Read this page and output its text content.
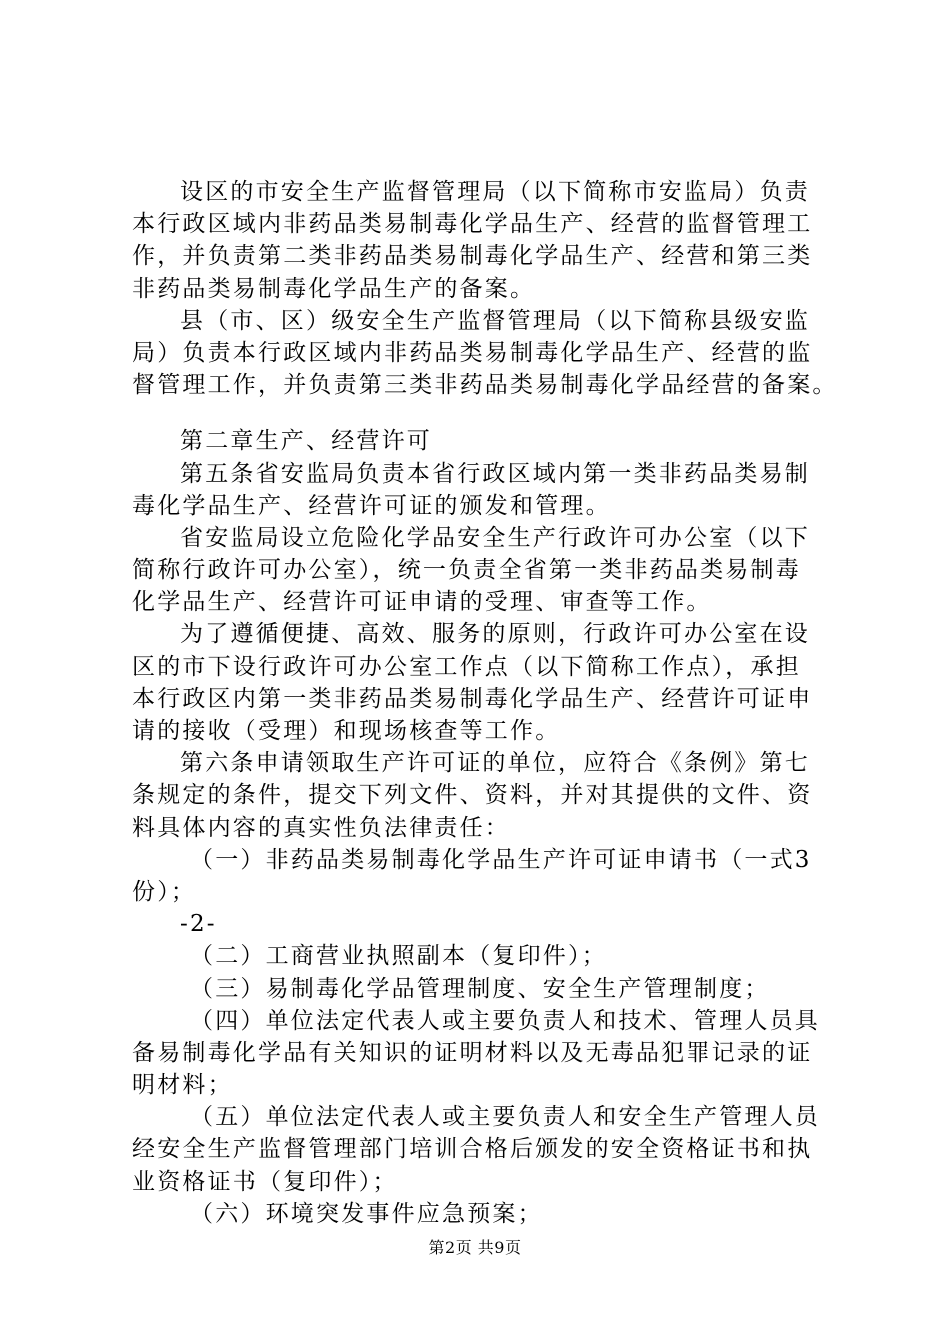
设区的市安全生产监督管理局（以下简称市安监局）负责
本行政区域内非药品类易制毒化学品生产、经营的监督管理工
作，并负责第二类非药品类易制毒化学品生产、经营和第三类
非药品类易制毒化学品生产的备案。
县（市、区）级安全生产监督管理局（以下简称县级安监
局）负责本行政区域内非药品类易制毒化学品生产、经营的监
督管理工作，并负责第三类非药品类易制毒化学品经营的备案。
第二章生产、经营许可
第五条省安监局负责本省行政区域内第一类非药品类易制
毒化学品生产、经营许可证的颁发和管理。
省安监局设立危险化学品安全生产行政许可办公室（以下
简称行政许可办公室），统一负责全省第一类非药品类易制毒
化学品生产、经营许可证申请的受理、审查等工作。
为了遵循便捷、高效、服务的原则，行政许可办公室在设
区的市下设行政许可办公室工作点（以下简称工作点），承担
本行政区内第一类非药品类易制毒化学品生产、经营许可证申
请的接收（受理）和现场核查等工作。
第六条申请领取生产许可证的单位，应符合《条例》第七
条规定的条件，提交下列文件、资料，并对其提供的文件、资
料具体内容的真实性负法律责任：
（一）非药品类易制毒化学品生产许可证申请书（一式3
份）；
-2-
（二）工商营业执照副本（复印件）；
（三）易制毒化学品管理制度、安全生产管理制度；
（四）单位法定代表人或主要负责人和技术、管理人员具
备易制毒化学品有关知识的证明材料以及无毒品犯罪记录的证
明材料；
（五）单位法定代表人或主要负责人和安全生产管理人员
经安全生产监督管理部门培训合格后颁发的安全资格证书和执
业资格证书（复印件）；
（六）环境突发事件应急预案；
第2页 共9页
